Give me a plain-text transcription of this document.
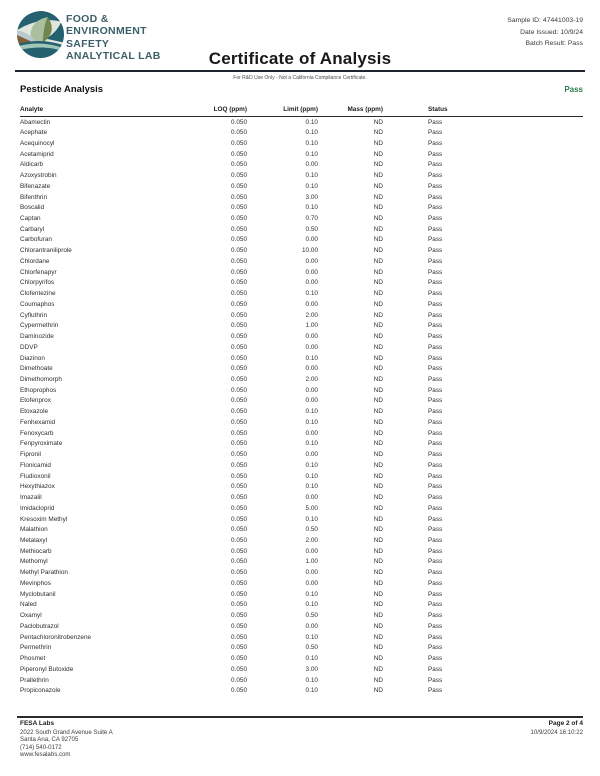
FOOD &
ENVIRONMENT
SAFETY
ANALYTICAL LAB
Sample ID: 47441003-19
Date Issued: 10/9/24
Batch Result: Pass
Certificate of Analysis
For R&D Use Only - Not a California Compliance Certificate.
Pesticide Analysis	Pass
Analyte	LOQ (ppm)	Limit (ppm)	Mass (ppm)	Status
Abamectin	0.050	0.10	ND	Pass
Acephate	0.050	0.10	ND	Pass
Acequinocyl	0.050	0.10	ND	Pass
Acetamiprid	0.050	0.10	ND	Pass
Aldicarb	0.050	0.00	ND	Pass
Azoxystrobin	0.050	0.10	ND	Pass
Bifenazate	0.050	0.10	ND	Pass
Bifenthrin	0.050	3.00	ND	Pass
Boscalid	0.050	0.10	ND	Pass
Captan	0.050	0.70	ND	Pass
Carbaryl	0.050	0.50	ND	Pass
Carbofuran	0.050	0.00	ND	Pass
Chlorantraniliprole	0.050	10.00	ND	Pass
Chlordane	0.050	0.00	ND	Pass
Chlorfenapyr	0.050	0.00	ND	Pass
Chlorpyrifos	0.050	0.00	ND	Pass
Clofentezine	0.050	0.10	ND	Pass
Coumaphos	0.050	0.00	ND	Pass
Cyfluthrin	0.050	2.00	ND	Pass
Cypermethrin	0.050	1.00	ND	Pass
Daminozide	0.050	0.00	ND	Pass
DDVP	0.050	0.00	ND	Pass
Diazinon	0.050	0.10	ND	Pass
Dimethoate	0.050	0.00	ND	Pass
Dimethomorph	0.050	2.00	ND	Pass
Ethoprophos	0.050	0.00	ND	Pass
Etofenprox	0.050	0.00	ND	Pass
Etoxazole	0.050	0.10	ND	Pass
Fenhexamid	0.050	0.10	ND	Pass
Fenoxycarb	0.050	0.00	ND	Pass
Fenpyroximate	0.050	0.10	ND	Pass
Fipronil	0.050	0.00	ND	Pass
Flonicamid	0.050	0.10	ND	Pass
Fludioxonil	0.050	0.10	ND	Pass
Hexythiazox	0.050	0.10	ND	Pass
Imazalil	0.050	0.00	ND	Pass
Imidacloprid	0.050	5.00	ND	Pass
Kresoxim Methyl	0.050	0.10	ND	Pass
Malathion	0.050	0.50	ND	Pass
Metalaxyl	0.050	2.00	ND	Pass
Methiocarb	0.050	0.00	ND	Pass
Methomyl	0.050	1.00	ND	Pass
Methyl Parathion	0.050	0.00	ND	Pass
Mevinphos	0.050	0.00	ND	Pass
Myclobutanil	0.050	0.10	ND	Pass
Naled	0.050	0.10	ND	Pass
Oxamyl	0.050	0.50	ND	Pass
Paclobutrazol	0.050	0.00	ND	Pass
Pentachloronitrobenzene	0.050	0.10	ND	Pass
Permethrin	0.050	0.50	ND	Pass
Phosmet	0.050	0.10	ND	Pass
Piperonyl Butoxide	0.050	3.00	ND	Pass
Prallethrin	0.050	0.10	ND	Pass
Propiconazole	0.050	0.10	ND	Pass
FESA Labs
2022 South Grand Avenue Suite A
Santa Ana, CA 92705
(714) 540-0172
www.fesalabs.com
Page 2 of 4
10/9/2024 16:10:22
